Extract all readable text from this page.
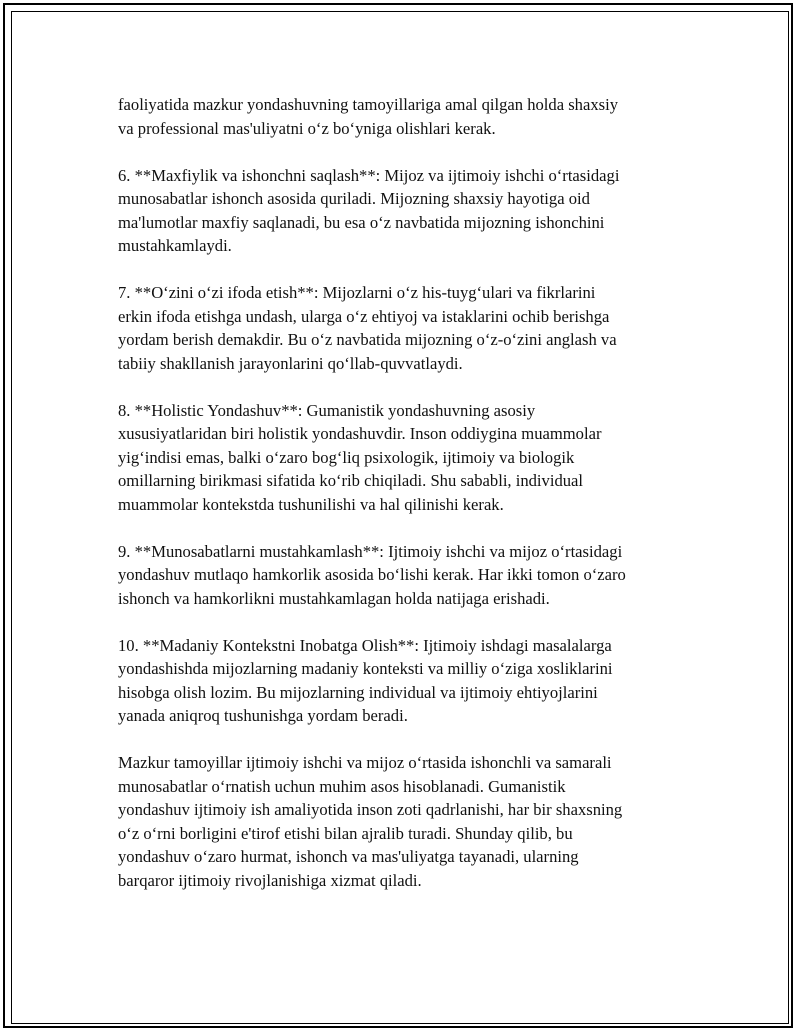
faoliyatida mazkur yondashuvning tamoyillariga amal qilgan holda shaxsiy
va professional mas'uliyatni o‘z bo‘yniga olishlari kerak.

6. **Maxfiylik va ishonchni saqlash**: Mijoz va ijtimoiy ishchi o‘rtasidagi
munosabatlar ishonch asosida quriladi. Mijozning shaxsiy hayotiga oid
ma'lumotlar maxfiy saqlanadi, bu esa o‘z navbatida mijozning ishonchini
mustahkamlaydi.

7. **O‘zini o‘zi ifoda etish**: Mijozlarni o‘z his-tuyg‘ulari va fikrlarini
erkin ifoda etishga undash, ularga o‘z ehtiyoj va istaklarini ochib berishga
yordam berish demakdir. Bu o‘z navbatida mijozning o‘z-o‘zini anglash va
tabiiy shakllanish jarayonlarini qo‘llab-quvvatlaydi.

8. **Holistic Yondashuv**: Gumanistik yondashuvning asosiy
xususiyatlaridan biri holistik yondashuvdir. Inson oddiygina muammolar
yig‘indisi emas, balki o‘zaro bog‘liq psixologik, ijtimoiy va biologik
omillarning birikmasi sifatida ko‘rib chiqiladi. Shu sababli, individual
muammolar kontekstda tushunilishi va hal qilinishi kerak.

9. **Munosabatlarni mustahkamlash**: Ijtimoiy ishchi va mijoz o‘rtasidagi
yondashuv mutlaqo hamkorlik asosida bo‘lishi kerak. Har ikki tomon o‘zaro
ishonch va hamkorlikni mustahkamlagan holda natijaga erishadi.

10. **Madaniy Kontekstni Inobatga Olish**: Ijtimoiy ishdagi masalalarga
yondashishda mijozlarning madaniy konteksti va milliy o‘ziga xosliklarini
hisobga olish lozim. Bu mijozlarning individual va ijtimoiy ehtiyojlarini
yanada aniqroq tushunishga yordam beradi.

Mazkur tamoyillar ijtimoiy ishchi va mijoz o‘rtasida ishonchli va samarali
munosabatlar o‘rnatish uchun muhim asos hisoblanadi. Gumanistik
yondashuv ijtimoiy ish amaliyotida inson zoti qadrlanishi, har bir shaxsning
o‘z o‘rni borligini e'tirof etishi bilan ajralib turadi. Shunday qilib, bu
yondashuv o‘zaro hurmat, ishonch va mas'uliyatga tayanadi, ularning
barqaror ijtimoiy rivojlanishiga xizmat qiladi.
